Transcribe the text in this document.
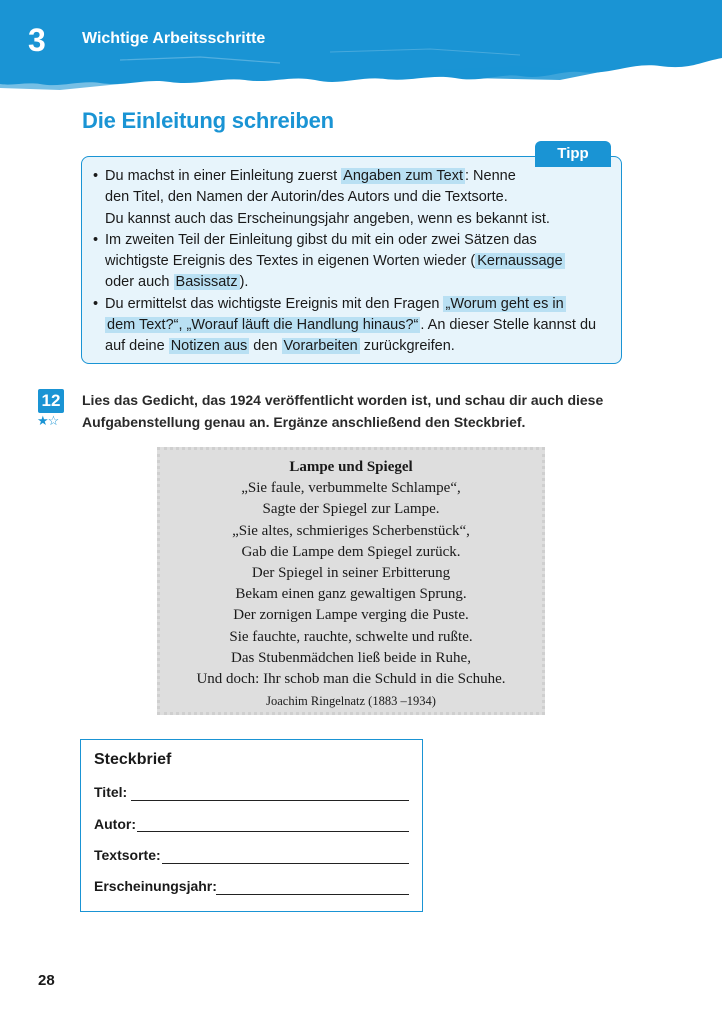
3 Wichtige Arbeitsschritte
Die Einleitung schreiben
Tipp
• Du machst in einer Einleitung zuerst Angaben zum Text : Nenne
den Titel, den Namen der Autorin/des Autors und die Textsorte.
Du kannst auch das Erscheinungsjahr angeben, wenn es bekannt ist.
• Im zweiten Teil der Einleitung gibst du mit ein oder zwei Sätzen das
wichtigste Ereignis des Textes in eigenen Worten wieder ( Kernaussage
oder auch Basissatz ).
• Du ermittelst das wichtigste Ereignis mit den Fragen „Worum geht es in
dem Text?“, „Worauf läuft die Handlung hinaus?“ . An dieser Stelle kannst du
auf deine Notizen aus den Vorarbeiten zurückgreifen.
12
★☆
Lies das Gedicht, das 1924 veröffentlicht worden ist, und schau dir auch diese
Aufgabenstellung genau an. Ergänze anschließend den Steckbrief.
Lampe und Spiegel
„Sie faule, verbummelte Schlampe“,
Sagte der Spiegel zur Lampe.
„Sie altes, schmieriges Scherbenstück“,
Gab die Lampe dem Spiegel zurück.
Der Spiegel in seiner Erbitterung
Bekam einen ganz gewaltigen Sprung.
Der zornigen Lampe verging die Puste.
Sie fauchte, rauchte, schwelte und rußte.
Das Stubenmädchen ließ beide in Ruhe,
Und doch: Ihr schob man die Schuld in die Schuhe.
Joachim Ringelnatz (1883 –1934)
Steckbrief
Titel:
Autor:
Textsorte:
Erscheinungsjahr:
28
